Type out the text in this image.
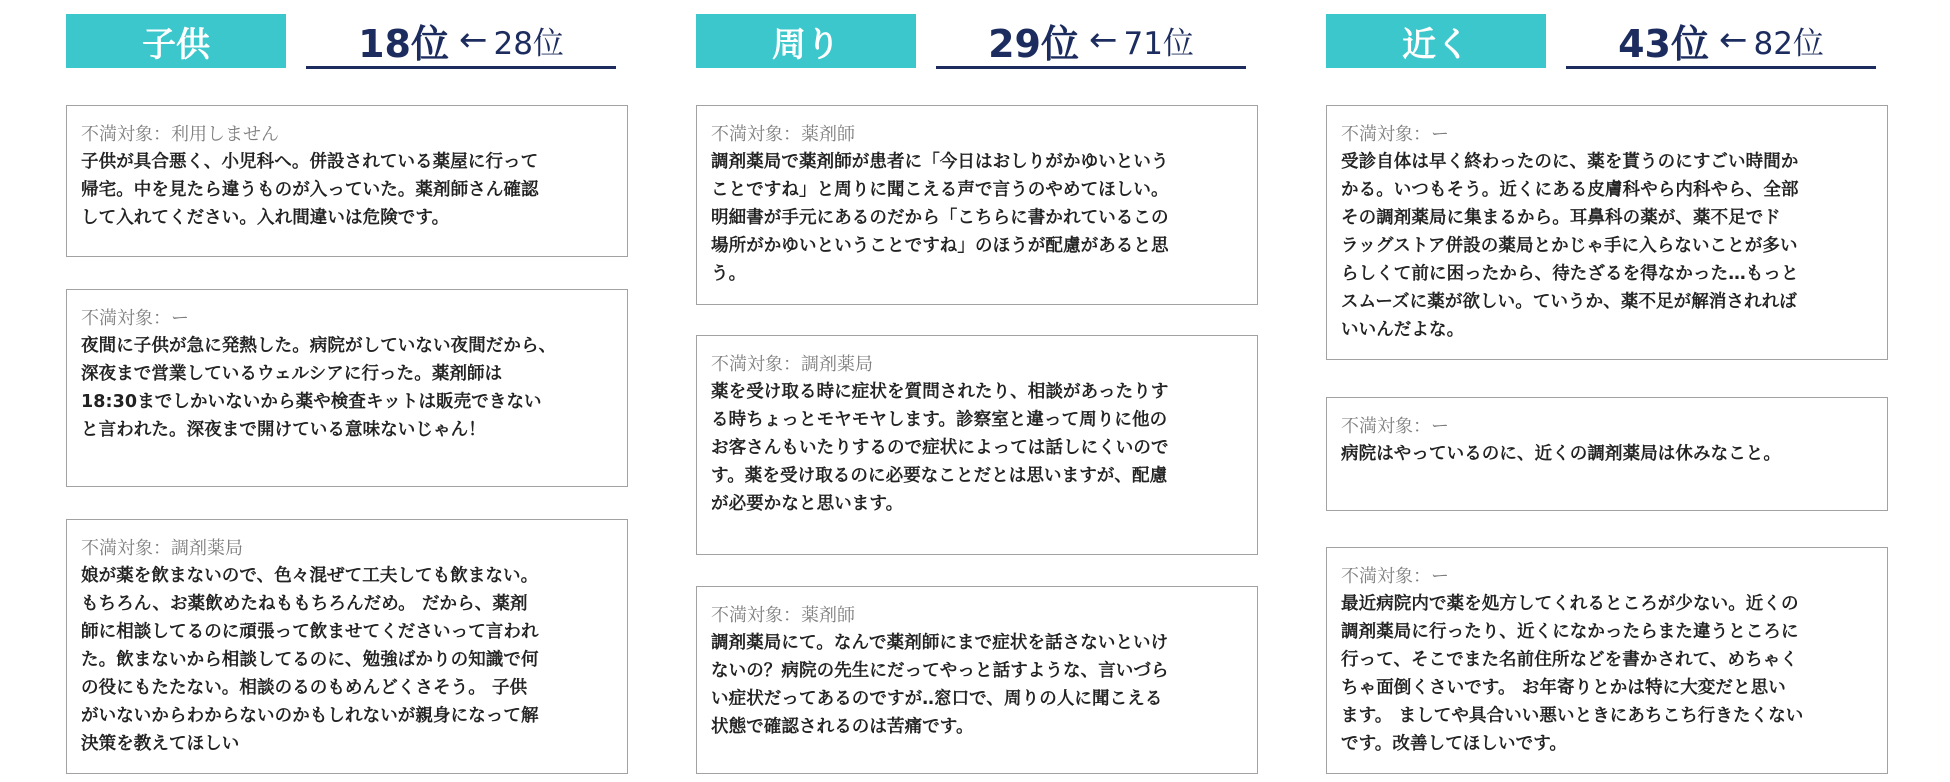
子供	18位 ← 28位
不満対象：利用しません
子供が具合悪く、小児科へ。併設されている薬屋に行って
帰宅。中を見たら違うものが入っていた。薬剤師さん確認
して入れてください。入れ間違いは危険です。
不満対象：ー
夜間に子供が急に発熱した。病院がしていない夜間だから、
深夜まで営業しているウェルシアに行った。薬剤師は
18:30までしかいないから薬や検査キットは販売できない
と言われた。深夜まで開けている意味ないじゃん！
不満対象：調剤薬局
娘が薬を飲まないので、色々混ぜて工夫しても飲まない。
もちろん、お薬飲めたねももちろんだめ。 だから、薬剤
師に相談してるのに頑張って飲ませてくださいって言われ
た。飲まないから相談してるのに、勉強ばかりの知識で何
の役にもたたない。相談のるのもめんどくさそう。 子供
がいないからわからないのかもしれないが親身になって解
決策を教えてほしい
周り	29位 ← 71位
不満対象：薬剤師
調剤薬局で薬剤師が患者に「今日はおしりがかゆいという
ことですね」と周りに聞こえる声で言うのやめてほしい。
明細書が手元にあるのだから「こちらに書かれているこの
場所がかゆいということですね」のほうが配慮があると思
う。
不満対象：調剤薬局
薬を受け取る時に症状を質問されたり、相談があったりす
る時ちょっとモヤモヤします。診察室と違って周りに他の
お客さんもいたりするので症状によっては話しにくいので
す。薬を受け取るのに必要なことだとは思いますが、配慮
が必要かなと思います。
不満対象：薬剤師
調剤薬局にて。なんで薬剤師にまで症状を話さないといけ
ないの？病院の先生にだってやっと話すような、言いづら
い症状だってあるのですが‥窓口で、周りの人に聞こえる
状態で確認されるのは苦痛です。
近く	43位 ← 82位
不満対象：ー
受診自体は早く終わったのに、薬を貰うのにすごい時間か
かる。いつもそう。近くにある皮膚科やら内科やら、全部
その調剤薬局に集まるから。耳鼻科の薬が、薬不足でド
ラッグストア併設の薬局とかじゃ手に入らないことが多い
らしくて前に困ったから、待たざるを得なかった…もっと
スムーズに薬が欲しい。ていうか、薬不足が解消されれば
いいんだよな。
不満対象：ー
病院はやっているのに、近くの調剤薬局は休みなこと。
不満対象：ー
最近病院内で薬を処方してくれるところが少ない。近くの
調剤薬局に行ったり、近くになかったらまた違うところに
行って、そこでまた名前住所などを書かされて、めちゃく
ちゃ面倒くさいです。 お年寄りとかは特に大変だと思い
ます。 ましてや具合いい悪いときにあちこち行きたくない
です。改善してほしいです。
